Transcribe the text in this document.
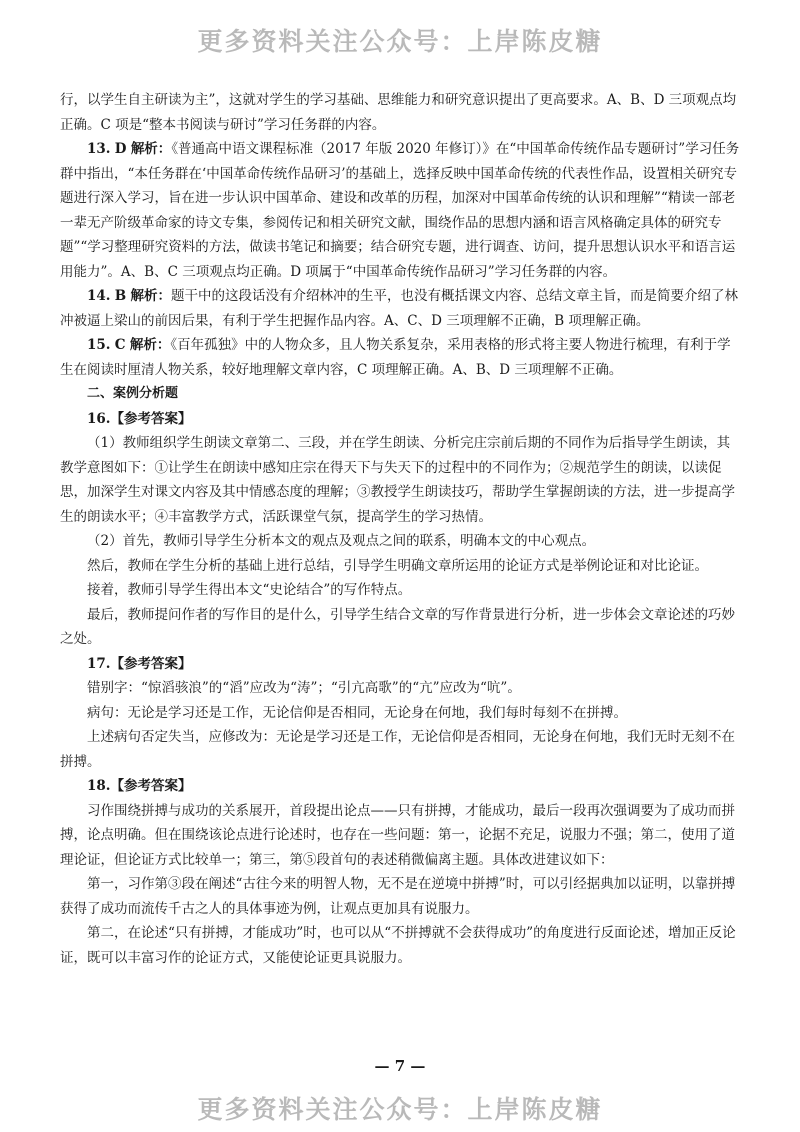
更多资料关注公众号：上岸陈皮糖

行，以学生自主研读为主”，这就对学生的学习基础、思维能力和研究意识提出了更高要求。A、B、D 三项观点均正确。C 项是“整本书阅读与研讨”学习任务群的内容。

13. D 解析：《普通高中语文课程标准（2017 年版 2020 年修订）》在“中国革命传统作品专题研讨”学习任务群中指出，“本任务群在‘中国革命传统作品研习’的基础上，选择反映中国革命传统的代表性作品，设置相关研究专题进行深入学习，旨在进一步认识中国革命、建设和改革的历程，加深对中国革命传统的认识和理解”“精读一部老一辈无产阶级革命家的诗文专集，参阅传记和相关研究文献，围绕作品的思想内涵和语言风格确定具体的研究专题”“学习整理研究资料的方法，做读书笔记和摘要；结合研究专题，进行调查、访问，提升思想认识水平和语言运用能力”。A、B、C 三项观点均正确。D 项属于“中国革命传统作品研习”学习任务群的内容。

14. B 解析：题干中的这段话没有介绍林冲的生平，也没有概括课文内容、总结文章主旨，而是简要介绍了林冲被逼上梁山的前因后果，有利于学生把握作品内容。A、C、D 三项理解不正确，B 项理解正确。

15. C 解析：《百年孤独》中的人物众多，且人物关系复杂，采用表格的形式将主要人物进行梳理，有利于学生在阅读时厘清人物关系，较好地理解文章内容，C 项理解正确。A、B、D 三项理解不正确。

二、案例分析题

16.【参考答案】

（1）教师组织学生朗读文章第二、三段，并在学生朗读、分析完庄宗前后期的不同作为后指导学生朗读，其教学意图如下：①让学生在朗读中感知庄宗在得天下与失天下的过程中的不同作为；②规范学生的朗读，以读促思，加深学生对课文内容及其中情感态度的理解；③教授学生朗读技巧，帮助学生掌握朗读的方法，进一步提高学生的朗读水平；④丰富教学方式，活跃课堂气氛，提高学生的学习热情。

（2）首先，教师引导学生分析本文的观点及观点之间的联系，明确本文的中心观点。

然后，教师在学生分析的基础上进行总结，引导学生明确文章所运用的论证方式是举例论证和对比论证。

接着，教师引导学生得出本文“史论结合”的写作特点。

最后，教师提问作者的写作目的是什么，引导学生结合文章的写作背景进行分析，进一步体会文章论述的巧妙之处。

17.【参考答案】

错别字：“惊滔骇浪”的“滔”应改为“涛”；“引亢高歌”的“亢”应改为“吭”。

病句：无论是学习还是工作，无论信仰是否相同，无论身在何地，我们每时每刻不在拼搏。

上述病句否定失当，应修改为：无论是学习还是工作，无论信仰是否相同，无论身在何地，我们无时无刻不在拼搏。

18.【参考答案】

习作围绕拼搏与成功的关系展开，首段提出论点——只有拼搏，才能成功，最后一段再次强调要为了成功而拼搏，论点明确。但在围绕该论点进行论述时，也存在一些问题：第一，论据不充足，说服力不强；第二，使用了道理论证，但论证方式比较单一；第三，第⑤段首句的表述稍微偏离主题。具体改进建议如下：

第一，习作第③段在阐述“古往今来的明智人物，无不是在逆境中拼搏”时，可以引经据典加以证明，以靠拼搏获得了成功而流传千古之人的具体事迹为例，让观点更加具有说服力。

第二，在论述“只有拼搏，才能成功”时，也可以从“不拼搏就不会获得成功”的角度进行反面论述，增加正反论证，既可以丰富习作的论证方式，又能使论证更具说服力。

— 7 —
更多资料关注公众号：上岸陈皮糖
